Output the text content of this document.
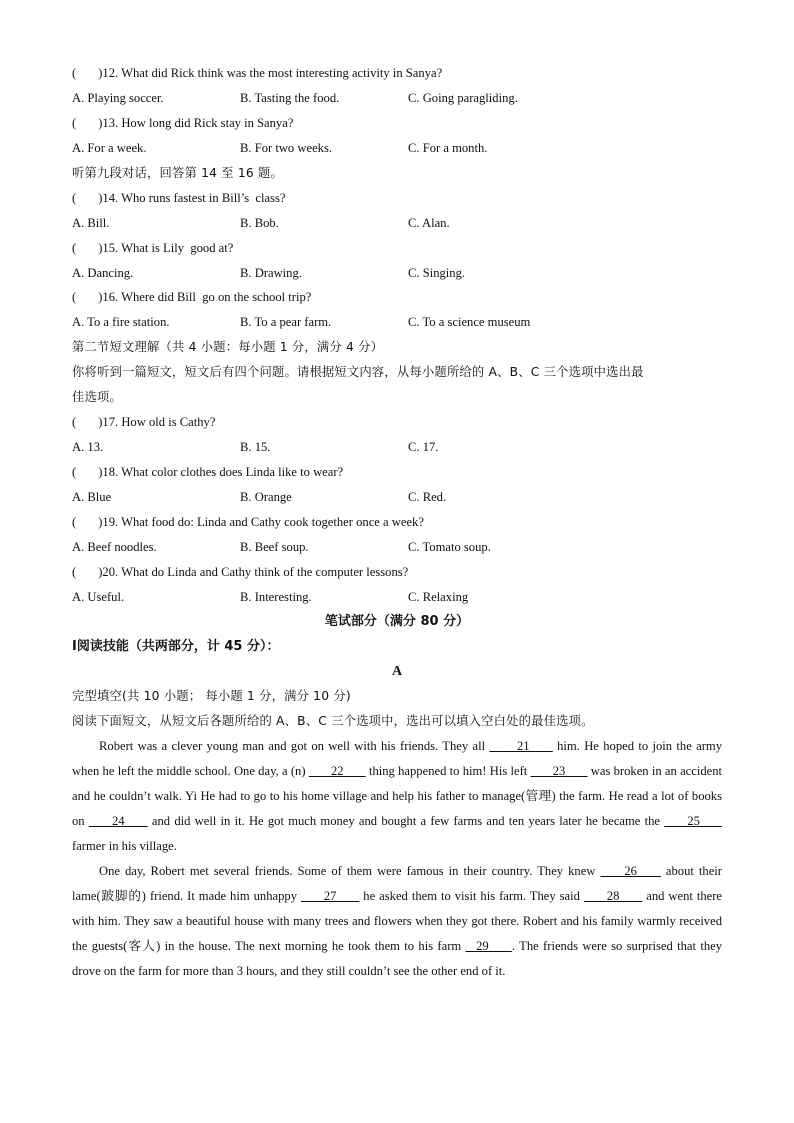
(       )12. What did Rick think was the most interesting activity in Sanya?
A. Playing soccer.	B. Tasting the food.	C. Going paragliding.
(       )13. How long did Rick stay in Sanya?
A. For a week.	B. For two weeks.	C. For a month.
听第九段对话，回答第 14 至 16 题。
(       )14. Who runs fastest in Bill’s  class?
A. Bill.	B. Bob.	C. Alan.
(       )15. What is Lily  good at?
A. Dancing.	B. Drawing.	C. Singing.
(       )16. Where did Bill  go on the school trip?
A. To a fire station.	B. To a pear farm.	C. To a science museum
第二节短文理解（共 4 小题：每小题 1 分，满分 4 分）
你将听到一篇短文，短文后有四个问题。请根据短文内容，从每小题所给的 A、B、C 三个选项中选出最
佳选项。
(       )17. How old is Cathy?
A. 13.	B. 15.	C. 17.
(       )18. What color clothes does Linda like to wear?
A. Blue	B. Orange	C. Red.
(       )19. What food do: Linda and Cathy cook together once a week?
A. Beef noodles.	B. Beef soup.	C. Tomato soup.
(       )20. What do Linda and Cathy think of the computer lessons?
A. Useful.	B. Interesting.	C. Relaxing
笔试部分（满分 80 分）
Ⅰ阅读技能（共两部分，计 45 分）：
A
完型填空(共 10 小题； 每小题 1 分，满分 10 分)
阅读下面短文，从短文后各题所给的 A、B、C 三个选项中，选出可以填入空白处的最佳选项。
Robert was a clever young man and got on well with his friends. They all   ___21___  him. He hoped to join the army when he left the middle school. One day, a (n)  ___22___  thing happened to him! His left  ___23___  was broken in an accident and he couldn’t walk. Yi He had to go to his home village and help his father to manage(管理) the farm. He read a lot of books on  ___24___  and did well in it. He got much money and bought a few farms and ten years later he became the  ___25___  farmer in his village.
One day, Robert met several friends. Some of them were famous in their country. They knew  ___26___  about their lame(跛脚的) friend. It made him unhappy  ___27___  he asked them to visit his farm. They said  ___28___  and went there with him. They saw a beautiful house with many trees and flowers when they got there. Robert and his family warmly received the guests(客人) in the house. The next morning he took them to his farm  _29___ . The friends were so surprised that they drove on the farm for more than 3 hours, and they still couldn’t see the other end of it.
